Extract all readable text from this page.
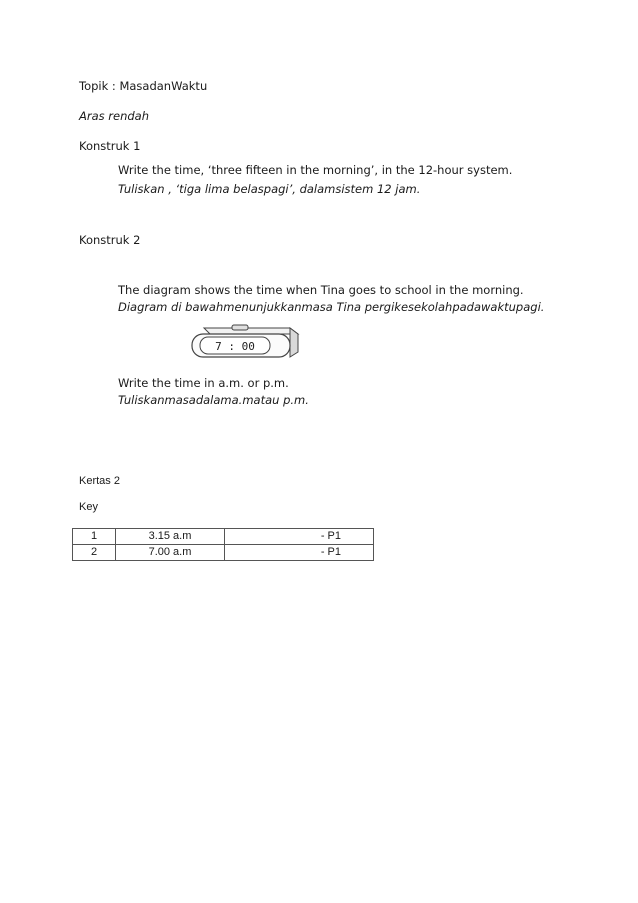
Topik : MasadanWaktu
Aras rendah
Konstruk 1
Write the time, ‘three fifteen in the morning’, in the 12-hour system.
Tuliskan , ‘tiga lima belaspagi’, dalamsistem 12 jam.
Konstruk 2
The diagram shows the time when Tina goes to school in the morning.
Diagram di bawahmenunjukkanmasa Tina pergikesekolahpadawaktupagi.
7 : 00
Write the time in a.m. or p.m.
Tuliskanmasadalama.matau p.m.
Kertas 2
Key
1	3.15 a.m	- P1
2	7.00 a.m	- P1
